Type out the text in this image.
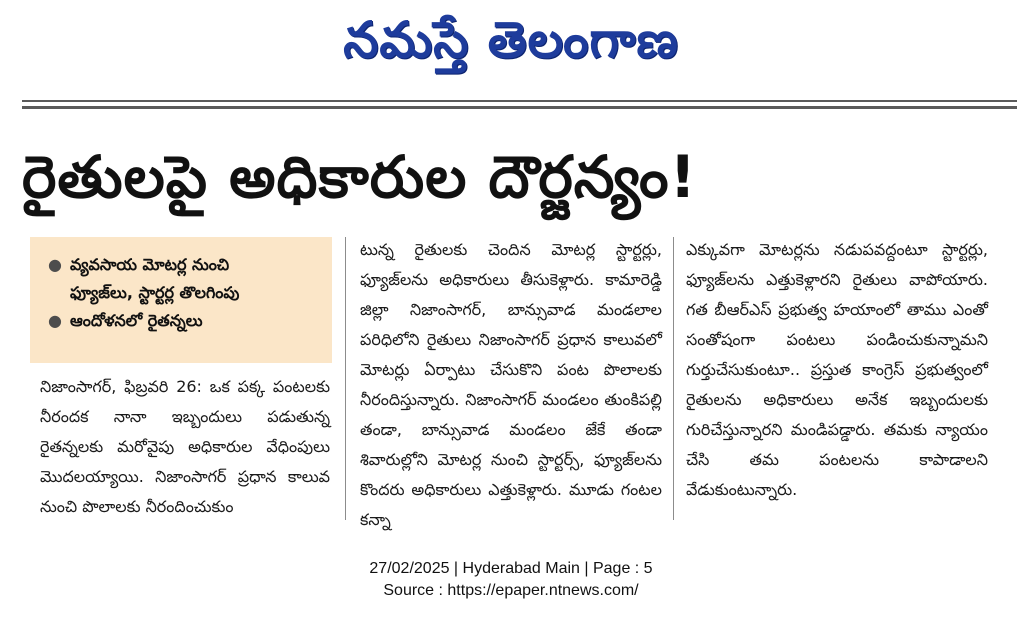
నమస్తే తెలంగాణ
రైతులపై అధికారుల దౌర్జన్యం!
● వ్యవసాయ మోటర్ల నుంచి
ఫ్యూజ్‌లు, స్టార్టర్ల తొలగింపు
● ఆందోళనలో రైతన్నలు
నిజాంసాగర్, ఫిబ్రవరి 26: ఒక పక్క పంటలకు నీరందక నానా ఇబ్బందులు పడుతున్న రైతన్నలకు మరోవైపు అధికారుల వేధింపులు మొదలయ్యాయి. నిజాంసాగర్ ప్రధాన కాలువ నుంచి పొలాలకు నీరందించుకుం
టున్న రైతులకు చెందిన మోటర్ల స్టార్టర్లు, ఫ్యూజ్‌లను అధికారులు తీసుకెళ్లారు. కామారెడ్డి జిల్లా నిజాంసాగర్, బాన్సువాడ మండలాల పరిధిలోని రైతులు నిజాంసాగర్ ప్రధాన కాలువలో మోటర్లు ఏర్పాటు చేసుకొని పంట పొలాలకు నీరందిస్తున్నారు. నిజాంసాగర్ మండలం తుంకిపల్లి తండా, బాన్సువాడ మండలం జేకే తండా శివారుల్లోని మోటర్ల నుంచి స్టార్టర్స్, ఫ్యూజ్‌లను కొందరు అధికారులు ఎత్తుకెళ్లారు. మూడు గంటల కన్నా
ఎక్కువగా మోటర్లను నడుపవద్దంటూ స్టార్టర్లు, ఫ్యూజ్‌లను ఎత్తుకెళ్లారని రైతులు వాపోయారు. గత బీఆర్‌ఎస్ ప్రభుత్వ హయాంలో తాము ఎంతో సంతోషంగా పంటలు పండించుకున్నామని గుర్తుచేసుకుంటూ.. ప్రస్తుత కాంగ్రెస్ ప్రభుత్వంలో రైతులను అధికారులు అనేక ఇబ్బందులకు గురిచేస్తున్నారని మండిపడ్డారు. తమకు న్యాయం చేసి తమ పంటలను కాపాడాలని వేడుకుంటున్నారు.
27/02/2025 | Hyderabad Main | Page : 5
Source : https://epaper.ntnews.com/
